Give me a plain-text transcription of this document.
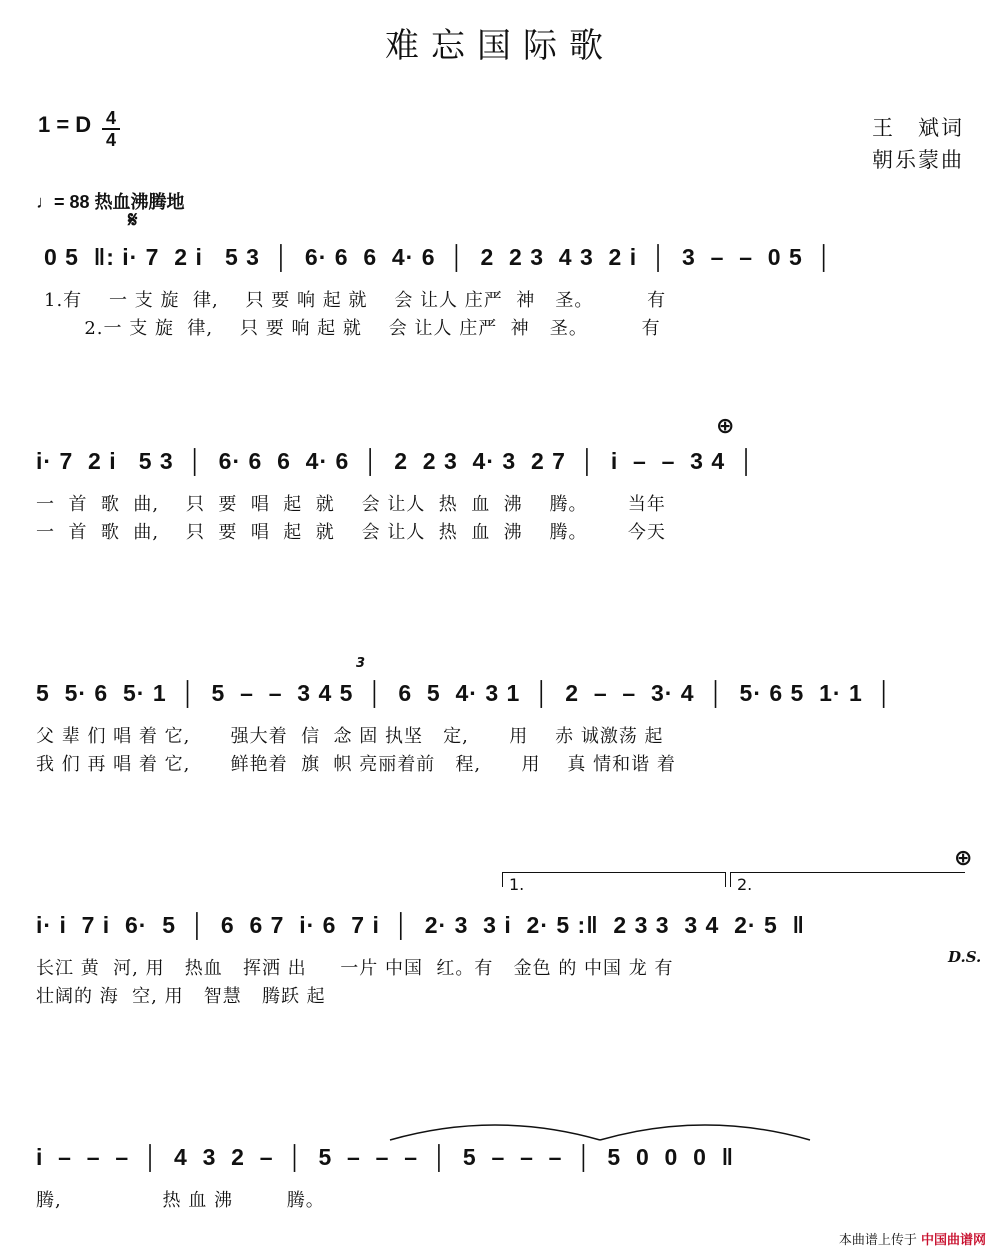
难忘国际歌
1 = D 4
4	王　斌词
朝乐蒙曲
♩= 88 热血沸腾地
𝄋
0 5  ‖: i· 7  2 i   5 3  │  6· 6  6  4· 6  │  2  2 3  4 3  2 i  │  3  –  –  0 5  │
1.有    一 支 旋  律,    只 要 响 起 就    会 让人 庄严  神   圣。        有
2.一 支 旋  律,    只 要 响 起 就    会 让人 庄严  神   圣。        有
⊕
i· 7  2 i   5 3  │  6· 6  6  4· 6  │  2  2 3  4· 3  2 7  │  i  –  –  3 4  │
一  首  歌  曲,    只  要  唱  起  就    会 让人  热  血  沸    腾。      当年
一  首  歌  曲,    只  要  唱  起  就    会 让人  热  血  沸    腾。      今天
3
5  5· 6  5· 1  │  5  –  –  3 4 5  │  6  5  4· 3 1  │  2  –  –  3· 4  │  5· 6 5  1· 1  │
父 辈 们 唱 着 它,      强大着  信  念 固 执坚   定,      用    赤 诚激荡 起
我 们 再 唱 着 它,      鲜艳着  旗  帜 亮丽着前   程,      用    真 情和谐 着
1.	2.
⊕
i· i  7 i  6·  5  │  6  6 7  i· 6  7 i  │  2· 3  3 i  2· 5 :‖  2 3 3  3 4  2· 5  ‖
长江 黄  河, 用   热血   挥洒 出     一片 中国  红。有   金色 的 中国 龙 有
壮阔的 海  空, 用   智慧   腾跃 起
D.S.
i  –  –  –  │  4  3  2  –  │  5  –  –  –  │  5  –  –  –  │  5  0  0  0  ‖
腾,               热 血 沸        腾。
本曲谱上传于 中国曲谱网
